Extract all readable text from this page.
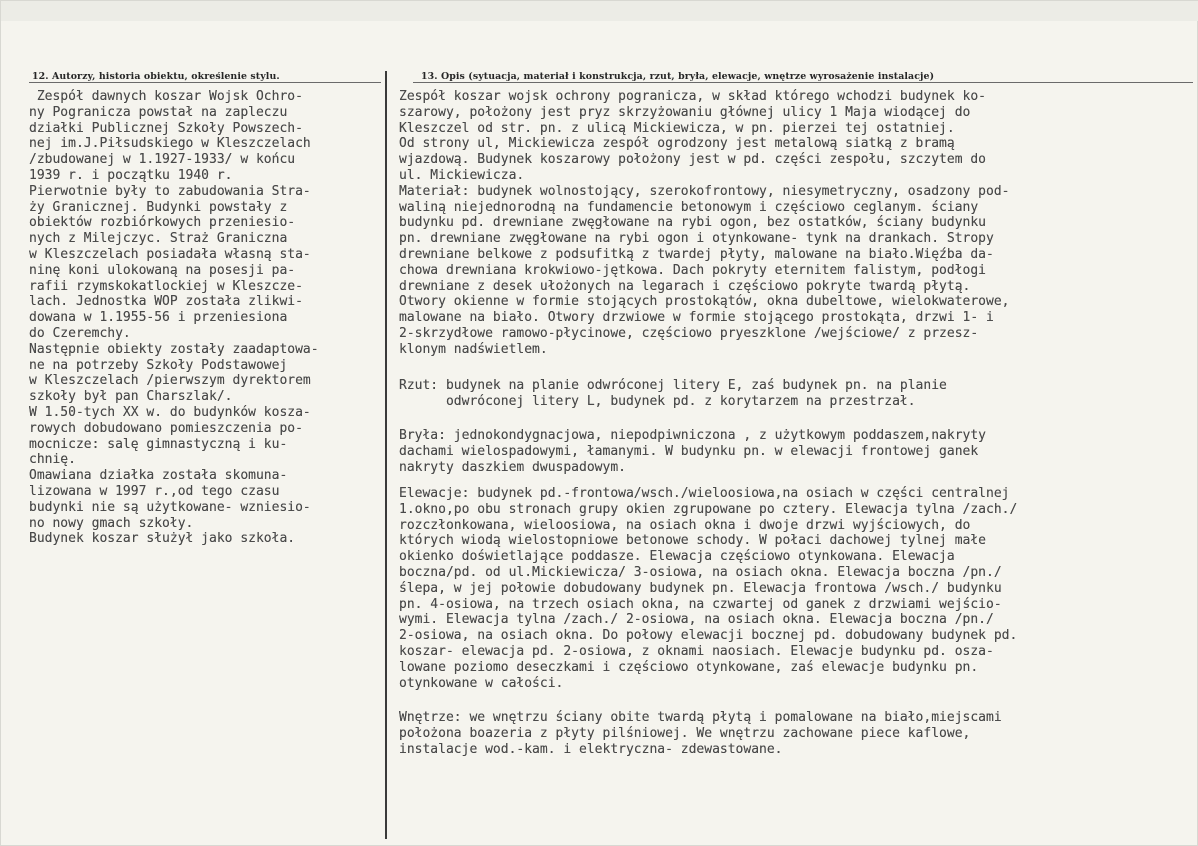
12. Autorzy, historia obiektu, określenie stylu.	13. Opis (sytuacja, materiał i konstrukcja, rzut, bryła, elewacje, wnętrze wyrosażenie instalacje)
Zespół dawnych koszar Wojsk Ochro-
ny Pogranicza powstał na zapleczu
działki Publicznej Szkoły Powszech-
nej im.J.Piłsudskiego w Kleszczelach
/zbudowanej w 1.1927-1933/ w końcu
1939 r. i początku 1940 r.
Pierwotnie były to zabudowania Stra-
ży Granicznej. Budynki powstały z
obiektów rozbiórkowych przeniesio-
nych z Milejczyc. Straż Graniczna
w Kleszczelach posiadała własną sta-
ninę koni ulokowaną na posesji pa-
rafii rzymskokatlockiej w Kleszcze-
lach. Jednostka WOP została zlikwi-
dowana w 1.1955-56 i przeniesiona
do Czeremchy.
Następnie obiekty zostały zaadaptowa-
ne na potrzeby Szkoły Podstawowej
w Kleszczelach /pierwszym dyrektorem
szkoły był pan Charszlak/.
W 1.50-tych XX w. do budynków kosza-
rowych dobudowano pomieszczenia po-
mocnicze: salę gimnastyczną i ku-
chnię.
Omawiana działka została skomuna-
lizowana w 1997 r.,od tego czasu
budynki nie są użytkowane- wzniesio-
no nowy gmach szkoły.
Budynek koszar służył jako szkoła.
Zespół koszar wojsk ochrony pogranicza, w skład którego wchodzi budynek ko-
szarowy, położony jest pryz skrzyżowaniu głównej ulicy 1 Maja wiodącej do
Kleszczel od str. pn. z ulicą Mickiewicza, w pn. pierzei tej ostatniej.
Od strony ul, Mickiewicza zespół ogrodzony jest metalową siatką z bramą
wjazdową. Budynek koszarowy położony jest w pd. części zespołu, szczytem do
ul. Mickiewicza.
Materiał: budynek wolnostojący, szerokofrontowy, niesymetryczny, osadzony pod-
waliną niejednorodną na fundamencie betonowym i częściowo ceglanym. ściany
budynku pd. drewniane zwęgłowane na rybi ogon, bez ostatków, ściany budynku
pn. drewniane zwęgłowane na rybi ogon i otynkowane- tynk na drankach. Stropy
drewniane belkowe z podsufitką z twardej płyty, malowane na biało.Więźba da-
chowa drewniana krokwiowo-jętkowa. Dach pokryty eternitem falistym, podłogi
drewniane z desek ułożonych na legarach i częściowo pokryte twardą płytą.
Otwory okienne w formie stojących prostokątów, okna dubeltowe, wielokwaterowe,
malowane na biało. Otwory drzwiowe w formie stojącego prostokąta, drzwi 1- i
2-skrzydłowe ramowo-płycinowe, częściowo pryeszklone /wejściowe/ z przesz-
klonym nadświetlem.
Rzut: budynek na planie odwróconej litery E, zaś budynek pn. na planie
odwróconej litery L, budynek pd. z korytarzem na przestrzał.
Bryła: jednokondygnacjowa, niepodpiwniczona , z użytkowym poddaszem,nakryty
dachami wielospadowymi, łamanymi. W budynku pn. w elewacji frontowej ganek
nakryty daszkiem dwuspadowym.
Elewacje: budynek pd.-frontowa/wsch./wieloosiowa,na osiach w części centralnej
1.okno,po obu stronach grupy okien zgrupowane po cztery. Elewacja tylna /zach./
rozczłonkowana, wieloosiowa, na osiach okna i dwoje drzwi wyjściowych, do
których wiodą wielostopniowe betonowe schody. W połaci dachowej tylnej małe
okienko doświetlające poddasze. Elewacja częściowo otynkowana. Elewacja
boczna/pd. od ul.Mickiewicza/ 3-osiowa, na osiach okna. Elewacja boczna /pn./
ślepa, w jej połowie dobudowany budynek pn. Elewacja frontowa /wsch./ budynku
pn. 4-osiowa, na trzech osiach okna, na czwartej od ganek z drzwiami wejścio-
wymi. Elewacja tylna /zach./ 2-osiowa, na osiach okna. Elewacja boczna /pn./
2-osiowa, na osiach okna. Do połowy elewacji bocznej pd. dobudowany budynek pd.
koszar- elewacja pd. 2-osiowa, z oknami naosiach. Elewacje budynku pd. osza-
lowane poziomo deseczkami i częściowo otynkowane, zaś elewacje budynku pn.
otynkowane w całości.
Wnętrze: we wnętrzu ściany obite twardą płytą i pomalowane na biało,miejscami
położona boazeria z płyty pilśniowej. We wnętrzu zachowane piece kaflowe,
instalacje wod.-kam. i elektryczna- zdewastowane.
